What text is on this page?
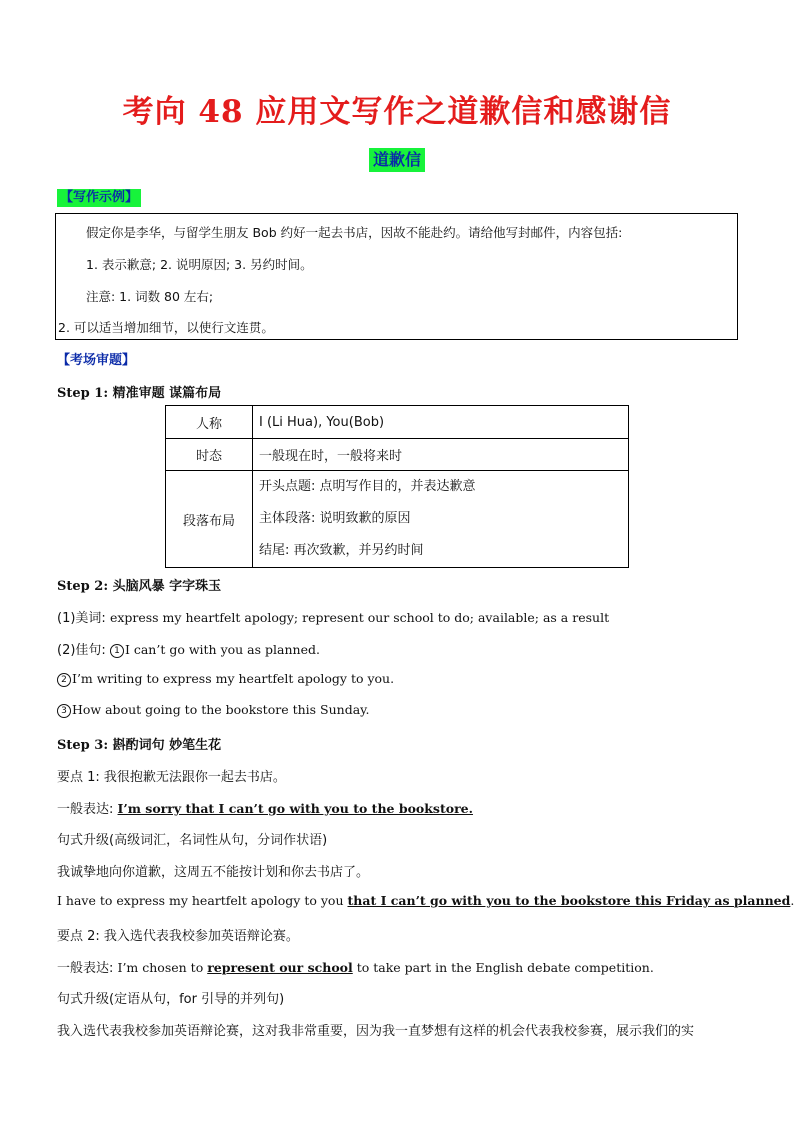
考向 48 应用文写作之道歉信和感谢信
道歉信
【写作示例】
假定你是李华，与留学生朋友 Bob 约好一起去书店，因故不能赴约。请给他写封邮件，内容包括:
1. 表示歉意; 2. 说明原因; 3. 另约时间。
注意: 1. 词数 80 左右;
2. 可以适当增加细节，以使行文连贯。
【考场审题】
Step 1: 精准审题 谋篇布局
人称	I (Li Hua), You(Bob)
时态	一般现在时，一般将来时
段落布局	开头点题: 点明写作目的，并表达歉意
主体段落: 说明致歉的原因
结尾: 再次致歉，并另约时间
Step 2: 头脑风暴 字字珠玉
(1)美词: express my heartfelt apology; represent our school to do; available; as a result
(2)佳句: 1 I can’t go with you as planned.
2 I’m writing to express my heartfelt apology to you.
3 How about going to the bookstore this Sunday.
Step 3: 斟酌词句 妙笔生花
要点 1: 我很抱歉无法跟你一起去书店。
一般表达: I’m sorry that I can’t go with you to the bookstore.
句式升级(高级词汇，名词性从句，分词作状语)
我诚挚地向你道歉，这周五不能按计划和你去书店了。
I have to express my heartfelt apology to you that I can’t go with you to the bookstore this Friday as planned.
要点 2: 我入选代表我校参加英语辩论赛。
一般表达: I’m chosen to represent our school to take part in the English debate competition.
句式升级(定语从句，for 引导的并列句)
我入选代表我校参加英语辩论赛，这对我非常重要，因为我一直梦想有这样的机会代表我校参赛，展示我们的实
